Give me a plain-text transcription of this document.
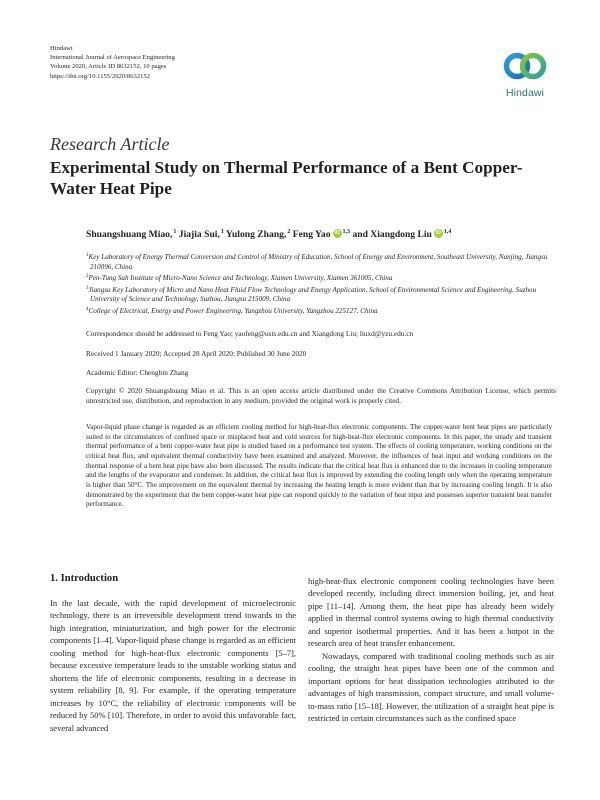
Hindawi
International Journal of Aerospace Engineering
Volume 2020, Article ID 8632152, 10 pages
https://doi.org/10.1155/2020/8632152
Hindawi
Research Article
Experimental Study on Thermal Performance of a Bent Copper-Water Heat Pipe
Shuangshuang Miao,$^1$ Jiajia Sui,$^1$ Yulong Zhang,$^2$ Feng Yao iD $^{1,3}$ and Xiangdong Liu iD $^{1,4}$
$^1$Key Laboratory of Energy Thermal Conversion and Control of Ministry of Education, School of Energy and Environment, Southeast University, Nanjing, Jiangsu 210096, China
$^2$Pen-Tung Sah Institute of Micro-Nano Science and Technology, Xiamen University, Xiamen 361005, China
$^3$Jiangsu Key Laboratory of Micro and Nano Heat Fluid Flow Technology and Energy Application, School of Environmental Science and Engineering, Suzhou University of Science and Technology, Suzhou, Jiangsu 215009, China
$^4$College of Electrical, Energy and Power Engineering, Yangzhou University, Yangzhou 225127, China
Correspondence should be addressed to Feng Yao; yaofeng@usts.edu.cn and Xiangdong Liu; liuxd@yzu.edu.cn
Received 1 January 2020; Accepted 28 April 2020; Published 30 June 2020
Academic Editor: Chengbin Zhang
Copyright © 2020 Shuangshuang Miao et al. This is an open access article distributed under the Creative Commons Attribution License, which permits unrestricted use, distribution, and reproduction in any medium, provided the original work is properly cited.
Vapor-liquid phase change is regarded as an efficient cooling method for high-heat-flux electronic components. The copper-water bent heat pipes are particularly suited to the circumstances of confined space or misplaced heat and cold sources for high-heat-flux electronic components. In this paper, the steady and transient thermal performance of a bent copper-water heat pipe is studied based on a performance test system. The effects of cooling temperature, working conditions on the critical heat flux, and equivalent thermal conductivity have been examined and analyzed. Moreover, the influences of heat input and working conditions on the thermal response of a bent heat pipe have also been discussed. The results indicate that the critical heat flux is enhanced due to the increases in cooling temperature and the lengths of the evaporator and condenser. In addition, the critical heat flux is improved by extending the cooling length only when the operating temperature is higher than 50°C. The improvement on the equivalent thermal by increasing the heating length is more evident than that by increasing cooling length. It is also demonstrated by the experiment that the bent copper-water heat pipe can respond quickly to the variation of heat input and possesses superior transient heat transfer performance.
1. Introduction

In the last decade, with the rapid development of microelectronic technology, there is an irreversible development trend towards to the high integration, miniaturization, and high power for the electronic components [1–4]. Vapor-liquid phase change is regarded as an efficient cooling method for high-heat-flux electronic components [5–7], because excessive temperature leads to the unstable working status and shortens the life of electronic components, resulting in a decrease in system reliability [8, 9]. For example, if the operating temperature increases by 10°C, the reliability of electronic components will be reduced by 50% [10]. Therefore, in order to avoid this unfavorable fact, several advanced

high-heat-flux electronic component cooling technologies have been developed recently, including direct immersion boiling, jet, and heat pipe [11–14]. Among them, the heat pipe has already been widely applied in thermal control systems owing to high thermal conductivity and superior isothermal properties. And it has been a hotpot in the research area of heat transfer enhancement.

Nowadays, compared with traditional cooling methods such as air cooling, the straight heat pipes have been one of the common and important options for heat dissipation technologies attributed to the advantages of high transmission, compact structure, and small volume-to-mass ratio [15–18]. However, the utilization of a straight heat pipe is restricted in certain circumstances such as the confined space
